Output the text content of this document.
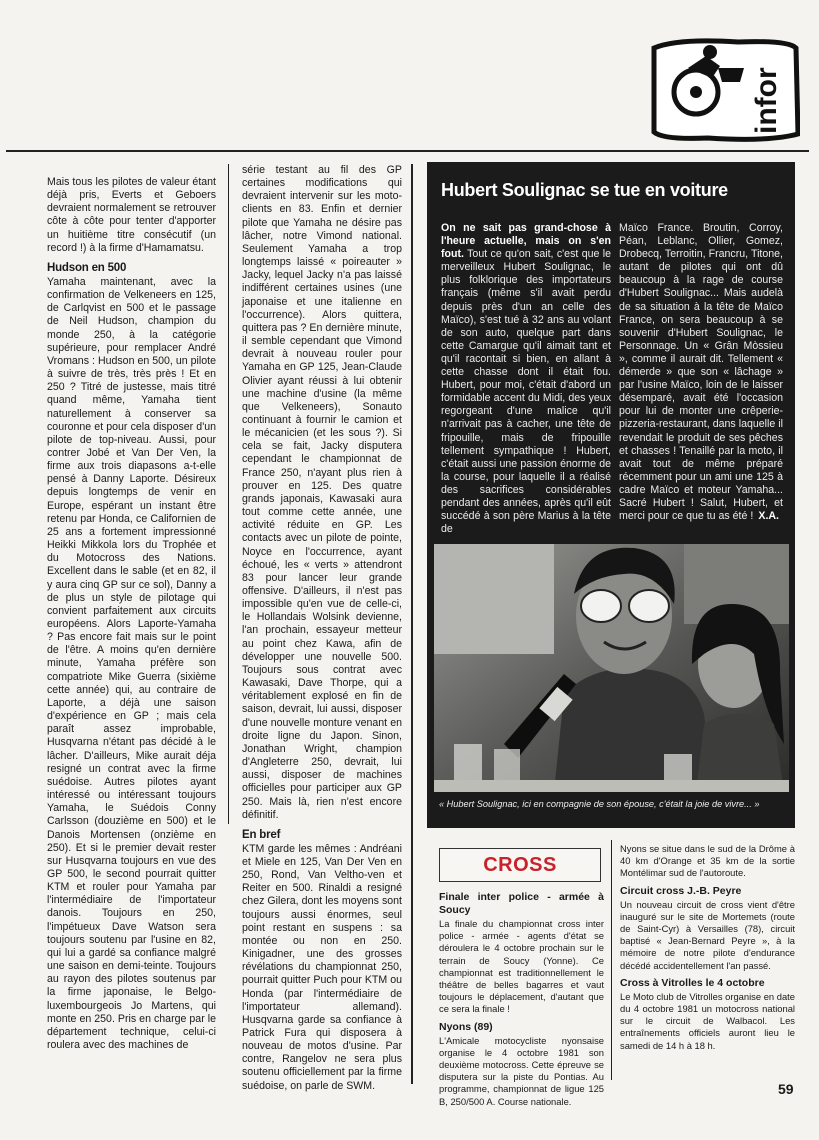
infor

Mais tous les pilotes de valeur étant déjà pris, Everts et Geboers devraient normalement se retrouver côte à côte pour tenter d'apporter un huitième titre consécutif (un record !) à la firme d'Hamamatsu.

Hudson en 500

Yamaha maintenant, avec la confirmation de Velkeneers en 125, de Carlqvist en 500 et le passage de Neil Hudson, champion du monde 250, à la catégorie supérieure, pour remplacer André Vromans : Hudson en 500, un pilote à suivre de très, très près ! Et en 250 ? Titré de justesse, mais titré quand même, Yamaha tient naturellement à conserver sa couronne et pour cela disposer d'un pilote de top-niveau. Aussi, pour contrer Jobé et Van Der Ven, la firme aux trois diapasons a-t-elle pensé à Danny Laporte. Désireux depuis longtemps de venir en Europe, espérant un instant être retenu par Honda, ce Californien de 25 ans a fortement impressionné Heikki Mikkola lors du Trophée et du Motocross des Nations. Excellent dans le sable (et en 82, il y aura cinq GP sur ce sol), Danny a de plus un style de pilotage qui convient parfaitement aux circuits européens. Alors Laporte-Yamaha ? Pas encore fait mais sur le point de l'être. A moins qu'en dernière minute, Yamaha préfère son compatriote Mike Guerra (sixième cette année) qui, au contraire de Laporte, a déjà une saison d'expérience en GP ; mais cela paraît assez improbable, Husqvarna n'étant pas décidé à le lâcher. D'ailleurs, Mike aurait déja resigné un contrat avec la firme suédoise. Autres pilotes ayant intéressé ou intéressant toujours Yamaha, le Suédois Conny Carlsson (douzième en 500) et le Danois Mortensen (onzième en 250). Et si le premier devait rester sur Husqvarna toujours en vue des GP 500, le second pourrait quitter KTM et rouler pour Yamaha par l'intermédiaire de l'importateur danois. Toujours en 250, l'impétueux Dave Watson sera toujours soutenu par l'usine en 82, qui lui a gardé sa confiance malgré une saison en demi-teinte. Toujours au rayon des pilotes soutenus par la firme japonaise, le Belgo-luxembourgeois Jo Martens, qui monte en 250. Pris en charge par le département technique, celui-ci roulera avec des machines de

série testant au fil des GP certaines modifications qui devraient intervenir sur les moto-clients en 83. Enfin et dernier pilote que Yamaha ne désire pas lâcher, notre Vimond national. Seulement Yamaha a trop longtemps laissé « poireauter » Jacky, lequel Jacky n'a pas laissé indifférent certaines usines (une japonaise et une italienne en l'occurrence). Alors quittera, quittera pas ? En dernière minute, il semble cependant que Vimond devrait à nouveau rouler pour Yamaha en GP 125, Jean-Claude Olivier ayant réussi à lui obtenir une machine d'usine (la même que Velkeneers), Sonauto continuant à fournir le camion et le mécanicien (et les sous ?). Si cela se fait, Jacky disputera cependant le championnat de France 250, n'ayant plus rien à prouver en 125. Des quatre grands japonais, Kawasaki aura tout comme cette année, une activité réduite en GP. Les contacts avec un pilote de pointe, Noyce en l'occurrence, ayant échoué, les « verts » attendront 83 pour lancer leur grande offensive. D'ailleurs, il n'est pas impossible qu'en vue de celle-ci, le Hollandais Wolsink devienne, l'an prochain, essayeur metteur au point chez Kawa, afin de développer une nouvelle 500. Toujours sous contrat avec Kawasaki, Dave Thorpe, qui a véritablement explosé en fin de saison, devrait, lui aussi, disposer d'une nouvelle monture venant en droite ligne du Japon. Sinon, Jonathan Wright, champion d'Angleterre 250, devrait, lui aussi, disposer de machines officielles pour participer aux GP 250. Mais là, rien n'est encore définitif.

En bref

KTM garde les mêmes : Andréani et Miele en 125, Van Der Ven en 250, Rond, Van Veltho-ven et Reiter en 500. Rinaldi a resigné chez Gilera, dont les moyens sont toujours aussi énormes, seul point restant en suspens : sa montée ou non en 250. Kinigadner, une des grosses révélations du championnat 250, pourrait quitter Puch pour KTM ou Honda (par l'intermédiaire de l'importateur allemand). Husqvarna garde sa confiance à Patrick Fura qui disposera à nouveau de motos d'usine. Par contre, Rangelov ne sera plus soutenu officiellement par la firme suédoise, on parle de SWM.

Hubert Soulignac se tue en voiture
On ne sait pas grand-chose à l'heure actuelle, mais on s'en fout. Tout ce qu'on sait, c'est que le merveilleux Hubert Soulignac, le plus folklorique des importateurs français (même s'il avait perdu depuis près d'un an celle des Maïco), s'est tué à 32 ans au volant de son auto, quelque part dans cette Camargue qu'il aimait tant et qu'il racontait si bien, en allant à cette chasse dont il était fou. Hubert, pour moi, c'était d'abord un formidable accent du Midi, des yeux regorgeant d'une malice qu'il n'arrivait pas à cacher, une tête de fripouille, mais de fripouille tellement sympathique ! Hubert, c'était aussi une passion énorme de la course, pour laquelle il a réalisé des sacrifices considérables pendant des années, après qu'il eût succédé à son père Marius à la tête de
Maïco France. Broutin, Corroy, Péan, Leblanc, Ollier, Gomez, Drobecq, Terroitin, Francru, Titone, autant de pilotes qui ont dû beaucoup à la rage de course d'Hubert Soulignac... Mais audelà de sa situation à la tête de Maïco France, on sera beaucoup à se souvenir d'Hubert Soulignac, le Personnage. Un « Grân Mòssieu », comme il aurait dit. Tellement « démerde » que son « lâchage » par l'usine Maïco, loin de le laisser désemparé, avait été l'occasion pour lui de monter une crêperie-pizzeria-restaurant, dans laquelle il revendait le produit de ses pêches et chasses ! Tenaillé par la moto, il avait tout de même préparé récemment pour un ami une 125 à cadre Maïco et moteur Yamaha... Sacré Hubert ! Salut, Hubert, et merci pour ce que tu as été ! X.A.
« Hubert Soulignac, ici en compagnie de son épouse, c'était la joie de vivre... »
CROSS
Finale inter police - armée à Soucy

La finale du championnat cross inter police - armée - agents d'état se déroulera le 4 octobre prochain sur le terrain de Soucy (Yonne). Ce championnat est traditionnellement le théâtre de belles bagarres et vaut toujours le déplacement, d'autant que ce sera la finale !

Nyons (89)

L'Amicale motocycliste nyonsaise organise le 4 octobre 1981 son deuxième motocross. Cette épreuve se disputera sur la piste du Pontias. Au programme, championnat de ligue 125 B, 250/500 A. Course nationale.

Nyons se situe dans le sud de la Drôme à 40 km d'Orange et 35 km de la sortie Montélimar sud de l'autoroute.

Circuit cross J.-B. Peyre

Un nouveau circuit de cross vient d'être inauguré sur le site de Mortemets (route de Saint-Cyr) à Versailles (78), circuit baptisé « Jean-Bernard Peyre », à la mémoire de notre pilote d'endurance décédé accidentellement l'an passé.

Cross à Vitrolles le 4 octobre

Le Moto club de Vitrolles organise en date du 4 octobre 1981 un motocross national sur le circuit de Walbacol. Les entraînements officiels auront lieu le samedi de 14 h à 18 h.

59
